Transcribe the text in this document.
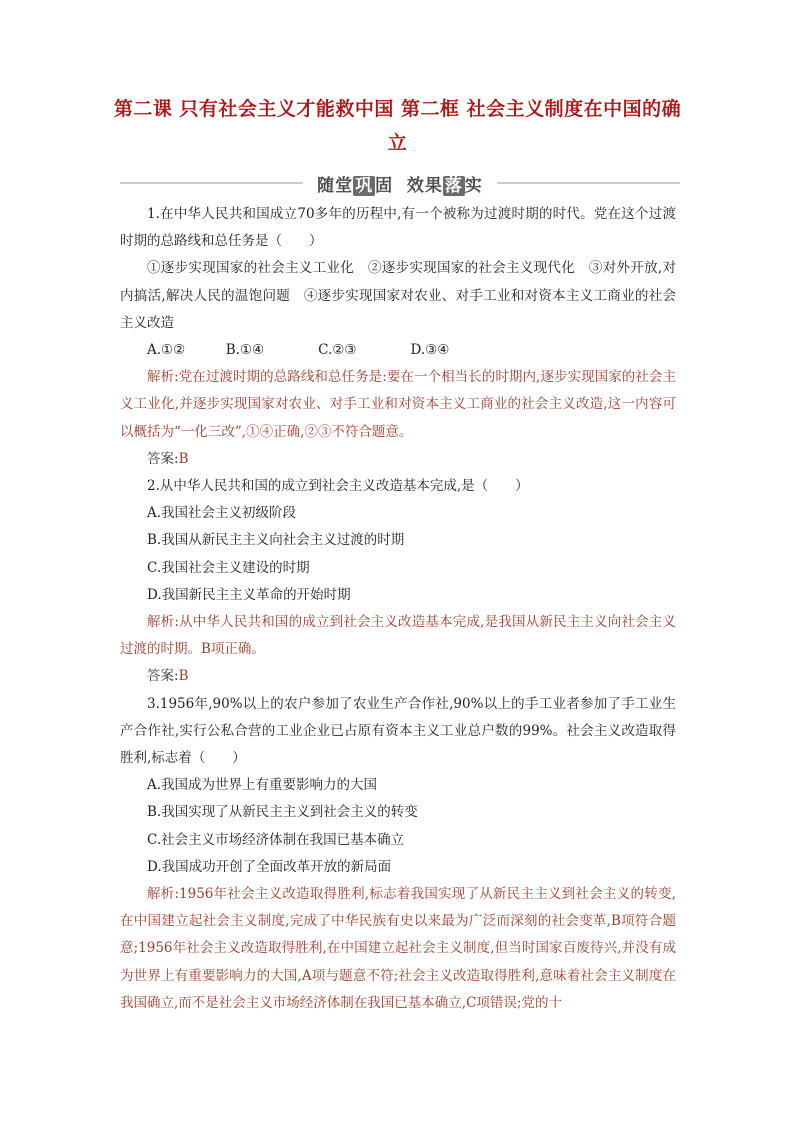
第二课 只有社会主义才能救中国 第二框 社会主义制度在中国的确立
随堂 巩 固 效果 落 实

1.在中华人民共和国成立70多年的历程中,有一个被称为过渡时期的时代。党在这个过渡时期的总路线和总任务是（　　）

①逐步实现国家的社会主义工业化　②逐步实现国家的社会主义现代化　③对外开放,对内搞活,解决人民的温饱问题　④逐步实现国家对农业、对手工业和对资本主义工商业的社会主义改造

A.①②　　　B.①④　　　　C.②③　　　　D.③④

解析:党在过渡时期的总路线和总任务是:要在一个相当长的时期内,逐步实现国家的社会主义工业化,并逐步实现国家对农业、对手工业和对资本主义工商业的社会主义改造,这一内容可以概括为“一化三改”,①④正确,②③不符合题意。

答案:B

2.从中华人民共和国的成立到社会主义改造基本完成,是（　　）

A.我国社会主义初级阶段

B.我国从新民主主义向社会主义过渡的时期

C.我国社会主义建设的时期

D.我国新民主主义革命的开始时期

解析:从中华人民共和国的成立到社会主义改造基本完成,是我国从新民主主义向社会主义过渡的时期。B项正确。

答案:B

3.1956年,90%以上的农户参加了农业生产合作社,90%以上的手工业者参加了手工业生产合作社,实行公私合营的工业企业已占原有资本主义工业总户数的99%。社会主义改造取得胜利,标志着（　　）

A.我国成为世界上有重要影响力的大国

B.我国实现了从新民主主义到社会主义的转变

C.社会主义市场经济体制在我国已基本确立

D.我国成功开创了全面改革开放的新局面

解析:1956年社会主义改造取得胜利,标志着我国实现了从新民主主义到社会主义的转变,在中国建立起社会主义制度,完成了中华民族有史以来最为广泛而深刻的社会变革,B项符合题意;1956年社会主义改造取得胜利,在中国建立起社会主义制度,但当时国家百废待兴,并没有成为世界上有重要影响力的大国,A项与题意不符;社会主义改造取得胜利,意味着社会主义制度在我国确立,而不是社会主义市场经济体制在我国已基本确立,C项错误;党的十
